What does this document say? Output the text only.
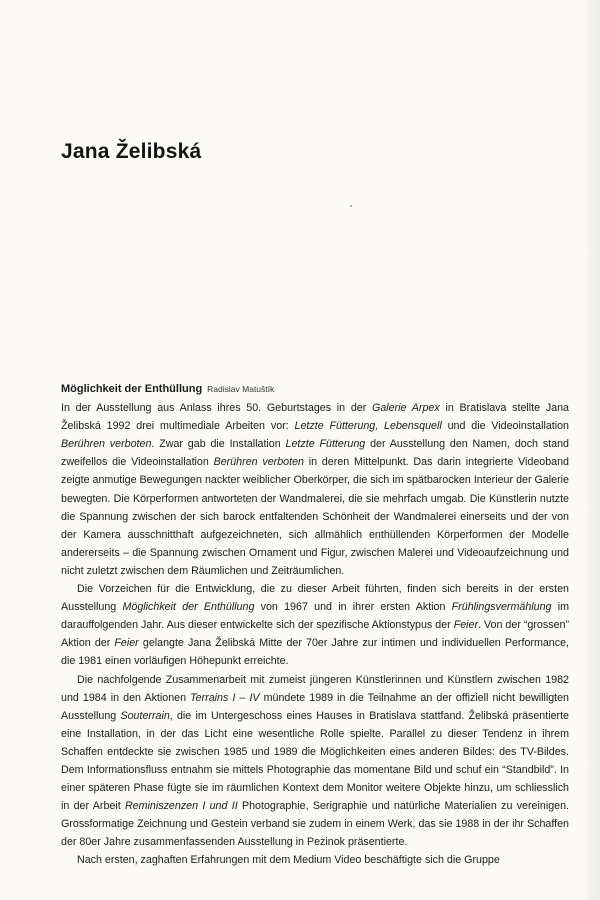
Jana Želibská
Möglichkeit der Enthüllung Radislav Matuštík

In der Ausstellung aus Anlass ihres 50. Geburtstages in der Galerie Arpex in Bratislava stellte Jana Želibská 1992 drei multimediale Arbeiten vor: Letzte Fütterung, Lebensquell und die Videoinstallation Berühren verboten. Zwar gab die Installation Letzte Fütterung der Ausstellung den Namen, doch stand zweifellos die Videoinstallation Berühren verboten in deren Mittelpunkt. Das darin integrierte Videoband zeigte anmutige Bewegungen nackter weiblicher Oberkörper, die sich im spätbarocken Interieur der Galerie bewegten. Die Körperformen antworteten der Wandmalerei, die sie mehrfach umgab. Die Künstlerin nutzte die Spannung zwischen der sich barock entfaltenden Schönheit der Wandmalerei einerseits und der von der Kamera ausschnitthaft aufgezeichneten, sich allmählich enthüllenden Körperformen der Modelle andererseits – die Spannung zwischen Ornament und Figur, zwischen Malerei und Videoaufzeichnung und nicht zuletzt zwischen dem Räumlichen und Zeiträumlichen.

Die Vorzeichen für die Entwicklung, die zu dieser Arbeit führten, finden sich bereits in der ersten Ausstellung Möglichkeit der Enthüllung von 1967 und in ihrer ersten Aktion Frühlingsvermählung im darauffolgenden Jahr. Aus dieser entwickelte sich der spezifische Aktionstypus der Feier. Von der “grossen” Aktion der Feier gelangte Jana Želibská Mitte der 70er Jahre zur intimen und individuellen Performance, die 1981 einen vorläufigen Höhepunkt erreichte.

Die nachfolgende Zusammenarbeit mit zumeist jüngeren Künstlerinnen und Künstlern zwischen 1982 und 1984 in den Aktionen Terrains I – IV mündete 1989 in die Teilnahme an der offiziell nicht bewilligten Ausstellung Souterrain, die im Untergeschoss eines Hauses in Bratislava stattfand. Želibská präsentierte eine Installation, in der das Licht eine wesentliche Rolle spielte. Parallel zu dieser Tendenz in ihrem Schaffen entdeckte sie zwischen 1985 und 1989 die Möglichkeiten eines anderen Bildes: des TV-Bildes. Dem Informationsfluss entnahm sie mittels Photographie das momentane Bild und schuf ein “Standbild”. In einer späteren Phase fügte sie im räumlichen Kontext dem Monitor weitere Objekte hinzu, um schliesslich in der Arbeit Reminiszenzen I und II Photographie, Serigraphie und natürliche Materialien zu vereinigen. Grossformatige Zeichnung und Gestein verband sie zudem in einem Werk, das sie 1988 in der ihr Schaffen der 80er Jahre zusammenfassenden Ausstellung in Pezinok präsentierte.

Nach ersten, zaghaften Erfahrungen mit dem Medium Video beschäftigte sich die Gruppe
